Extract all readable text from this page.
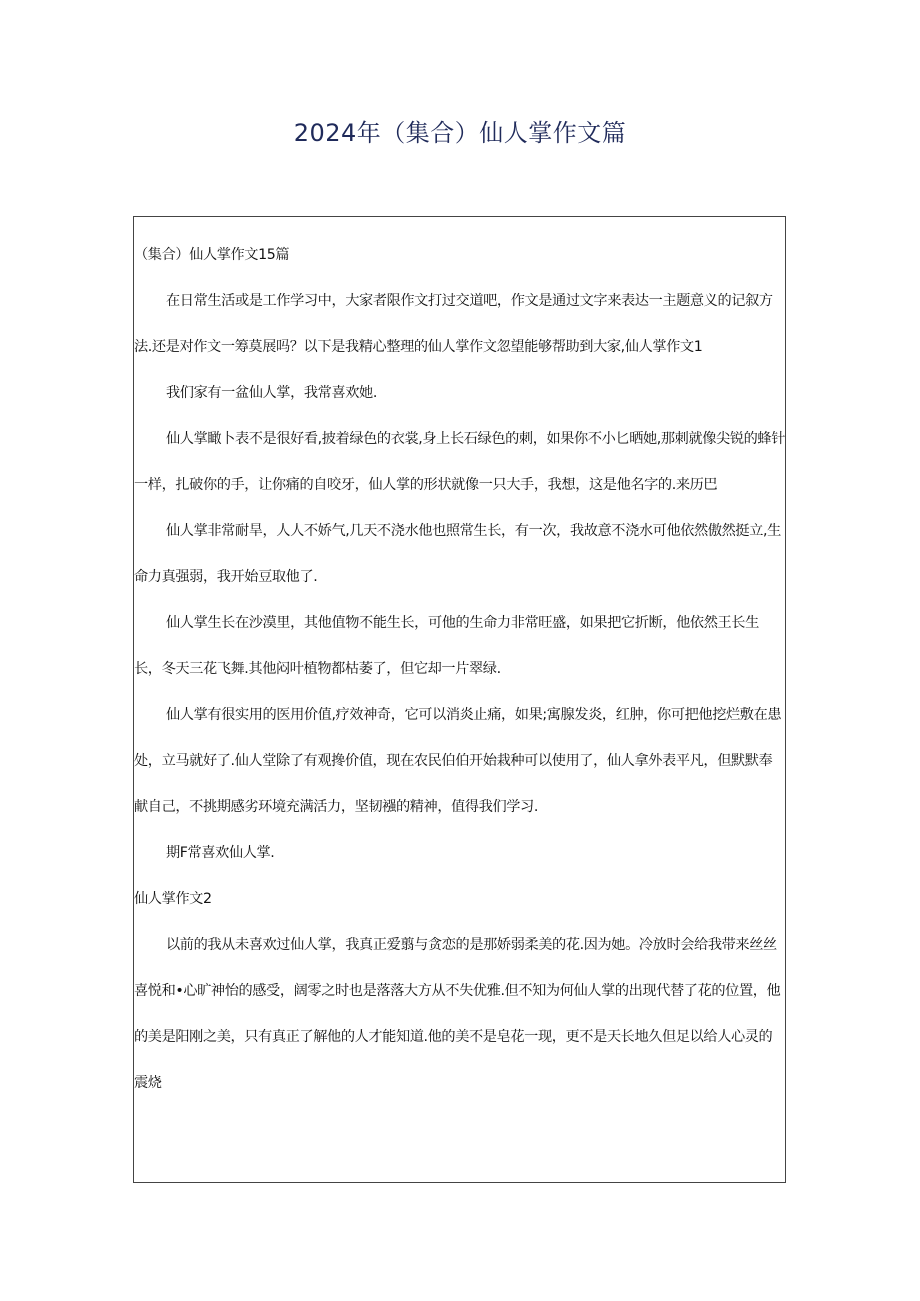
2024年（集合）仙人掌作文篇

（集合）仙人掌作文15篇

在日常生活或是工作学习中，大家者限作文打过交道吧，作文是通过文字来表达一主题意义的记叙方法.还是对作文一筹莫展吗？以下是我精心整理的仙人掌作文忽望能够帮助到大家,仙人掌作文1

我们家有一盆仙人掌，我常喜欢她.

仙人掌瞰卜表不是很好看,披着绿色的衣裳,身上长石绿色的刺，如果你不小匕晒她,那刺就像尖锐的蜂针一样，扎破你的手，让你痛的自咬牙，仙人掌的形状就像一只大手，我想，这是他名字的.来历巴

仙人掌非常耐旱，人人不娇气,几天不浇水他也照常生长，有一次，我故意不浇水可他依然傲然挺立,生命力真强弱，我开始豆取他了.

仙人掌生长在沙漠里，其他值物不能生长，可他的生命力非常旺盛，如果把它折断，他依然王长生长，冬天三花飞舞.其他闷叶植物都枯萎了，但它却一片翠绿.

仙人掌有很实用的医用价值,疗效神奇，它可以消炎止痛，如果;寓腺发炎，红肿，你可把他挖烂敷在患处，立马就好了.仙人堂除了有观搀价值，现在农民伯伯开始栽种可以使用了，仙人拿外表平凡，但默默奉献自己，不挑期感劣环境充满活力，坚韧襁的精神，值得我们学习.

期F常喜欢仙人掌.

仙人掌作文2

以前的我从未喜欢过仙人掌，我真正爱翦与贪恋的是那娇弱柔美的花.因为她。冷放时会给我带来丝丝喜悦和•心旷神怡的感受，阔零之时也是落落大方从不失优雅.但不知为何仙人掌的出现代替了花的位置，他的美是阳刚之美，只有真正了解他的人才能知道.他的美不是皂花一现，更不是天长地久但足以给人心灵的震烧
